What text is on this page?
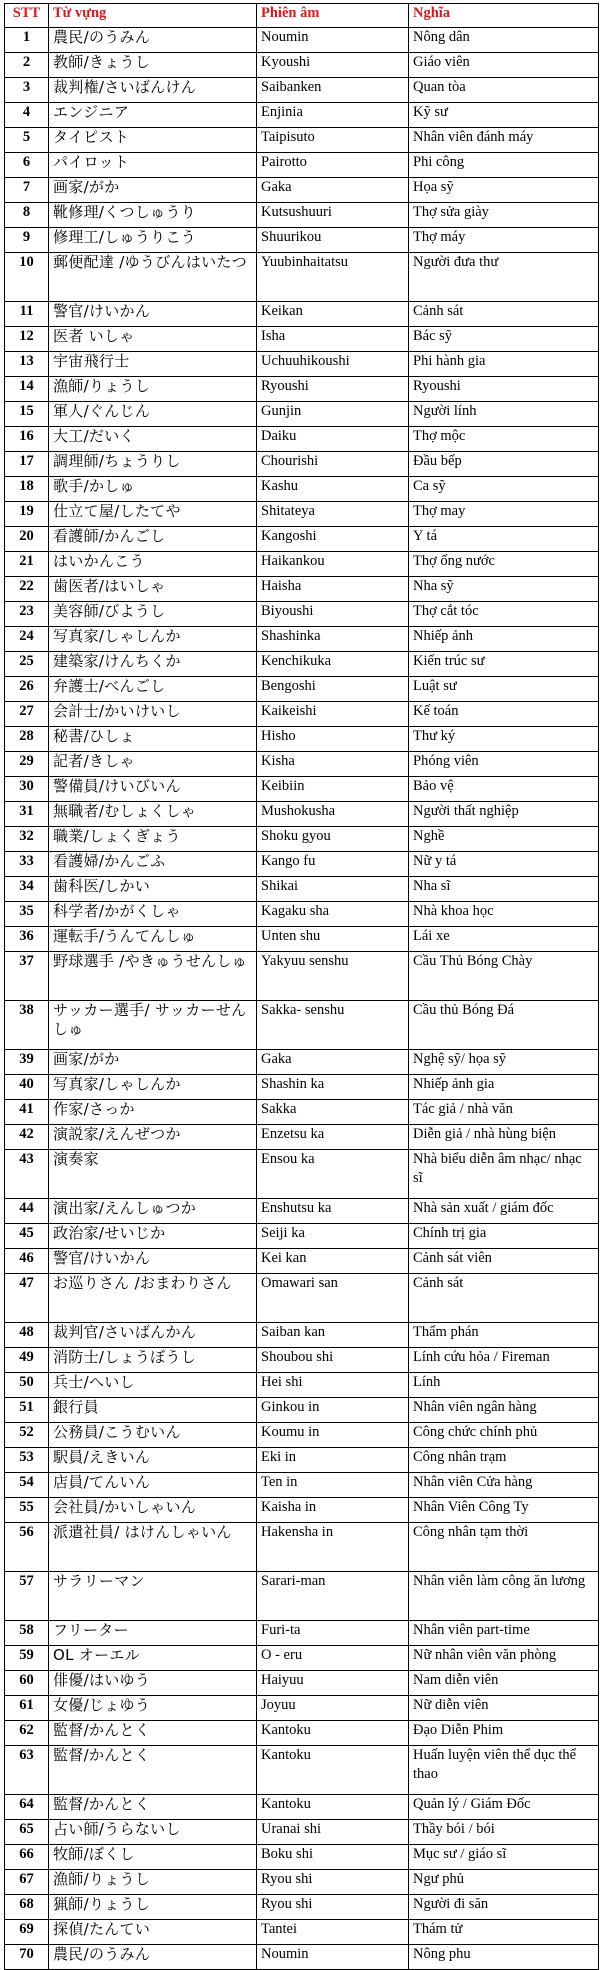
STT	Từ vựng	Phiên âm	Nghĩa
1	農民/のうみん	Noumin	Nông dân
2	教師/きょうし	Kyoushi	Giáo viên
3	裁判権/さいばんけん	Saibanken	Quan tòa
4	エンジニア	Enjinia	Kỹ sư
5	タイピスト	Taipisuto	Nhân viên đánh máy
6	パイロット	Pairotto	Phi công
7	画家/がか	Gaka	Họa sỹ
8	靴修理/くつしゅうり	Kutsushuuri	Thợ sửa giày
9	修理工/しゅうりこう	Shuurikou	Thợ máy
10	郵便配達 /ゆうびんはいたつ	Yuubinhaitatsu	Người đưa thư
11	警官/けいかん	Keikan	Cảnh sát
12	医者 いしゃ	Isha	Bác sỹ
13	宇宙飛行士	Uchuuhikoushi	Phi hành gia
14	漁師/りょうし	Ryoushi	Ryoushi
15	軍人/ぐんじん	Gunjin	Người lính
16	大工/だいく	Daiku	Thợ mộc
17	調理師/ちょうりし	Chourishi	Đầu bếp
18	歌手/かしゅ	Kashu	Ca sỹ
19	仕立て屋/したてや	Shitateya	Thợ may
20	看護師/かんごし	Kangoshi	Y tá
21	はいかんこう	Haikankou	Thợ ống nước
22	歯医者/はいしゃ	Haisha	Nha sỹ
23	美容師/びようし	Biyoushi	Thợ cắt tóc
24	写真家/しゃしんか	Shashinka	Nhiếp ảnh
25	建築家/けんちくか	Kenchikuka	Kiến trúc sư
26	弁護士/べんごし	Bengoshi	Luật sư
27	会計士/かいけいし	Kaikeishi	Kế toán
28	秘書/ひしょ	Hisho	Thư ký
29	記者/きしゃ	Kisha	Phóng viên
30	警備員/けいびいん	Keibiin	Bảo vệ
31	無職者/むしょくしゃ	Mushokusha	Người thất nghiệp
32	職業/しょくぎょう	Shoku gyou	Nghề
33	看護婦/かんごふ	Kango fu	Nữ y tá
34	歯科医/しかい	Shikai	Nha sĩ
35	科学者/かがくしゃ	Kagaku sha	Nhà khoa học
36	運転手/うんてんしゅ	Unten shu	Lái xe
37	野球選手 /やきゅうせんしゅ	Yakyuu senshu	Cầu Thủ Bóng Chày
38	サッカー選手/ サッカーせんしゅ	Sakka- senshu	Cầu thủ Bóng Đá
39	画家/がか	Gaka	Nghệ sỹ/ họa sỹ
40	写真家/しゃしんか	Shashin ka	Nhiếp ảnh gia
41	作家/さっか	Sakka	Tác giả / nhà văn
42	演説家/えんぜつか	Enzetsu ka	Diễn giả / nhà hùng biện
43	演奏家	Ensou ka	Nhà biểu diễn âm nhạc/ nhạc sĩ
44	演出家/えんしゅつか	Enshutsu ka	Nhà sản xuất / giám đốc
45	政治家/せいじか	Seiji ka	Chính trị gia
46	警官/けいかん	Kei kan	Cảnh sát viên
47	お巡りさん /おまわりさん	Omawari san	Cảnh sát
48	裁判官/さいばんかん	Saiban kan	Thẩm phán
49	消防士/しょうぼうし	Shoubou shi	Lính cứu hỏa / Fireman
50	兵士/へいし	Hei shi	Lính
51	銀行員	Ginkou in	Nhân viên ngân hàng
52	公務員/こうむいん	Koumu in	Công chức chính phủ
53	駅員/えきいん	Eki in	Công nhân trạm
54	店員/てんいん	Ten in	Nhân viên Cửa hàng
55	会社員/かいしゃいん	Kaisha in	Nhân Viên Công Ty
56	派遣社員/ はけんしゃいん	Hakensha in	Công nhân tạm thời
57	サラリーマン	Sarari-man	Nhân viên làm công ăn lương
58	フリーター	Furi-ta	Nhân viên part-time
59	OL オーエル	O - eru	Nữ nhân viên văn phòng
60	俳優/はいゆう	Haiyuu	Nam diễn viên
61	女優/じょゆう	Joyuu	Nữ diễn viên
62	監督/かんとく	Kantoku	Đạo Diễn Phim
63	監督/かんとく	Kantoku	Huấn luyện viên thể dục thể thao
64	監督/かんとく	Kantoku	Quản lý / Giám Đốc
65	占い師/うらないし	Uranai shi	Thầy bói / bói
66	牧師/ぼくし	Boku shi	Mục sư / giáo sĩ
67	漁師/りょうし	Ryou shi	Ngư phủ
68	猟師/りょうし	Ryou shi	Người đi săn
69	探偵/たんてい	Tantei	Thám tử
70	農民/のうみん	Noumin	Nông phu
